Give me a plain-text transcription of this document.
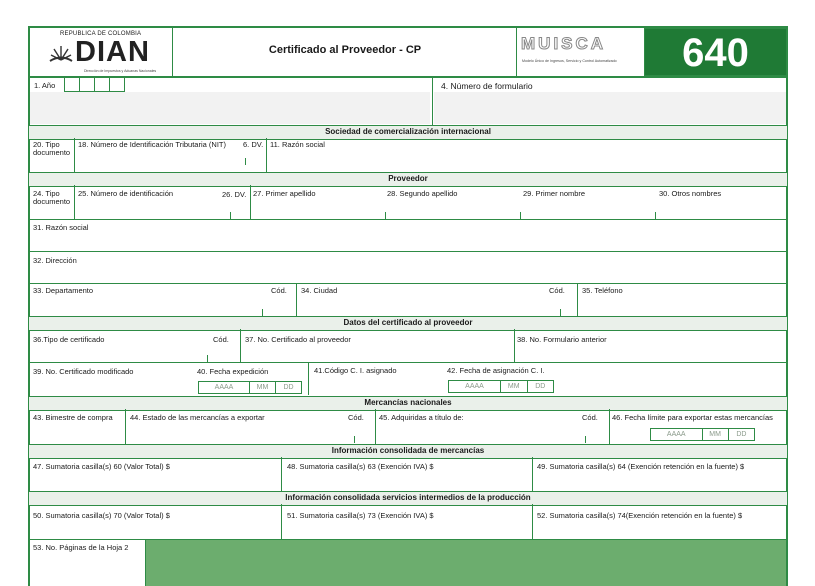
REPUBLICA DE COLOMBIA
DIAN
Dirección de Impuestos y Aduanas Nacionales
Certificado al Proveedor - CP	MUISCA
Modelo Único de Ingresos, Servicio y Control Automatizado	640
1. Año	4. Número de formulario
Sociedad de comercialización internacional
20. Tipo documento
18. Número de Identificación Tributaria (NIT) 6. DV. 11. Razón social
Proveedor
24. Tipo documento
25. Número de identificación	26. DV. 27. Primer apellido	28. Segundo apellido	29. Primer nombre	30. Otros nombres
31. Razón social
32. Dirección
33. Departamento	Cód. 34. Ciudad	Cód. 35. Teléfono
Datos del certificado al proveedor
36.Tipo de certificado	Cód. 37. No. Certificado al proveedor	38. No. Formulario anterior
39. No. Certificado modificado	40. Fecha expedición
AAAA	MM	DD
41.Código C. I. asignado	42. Fecha de asignación C. I.
AAAA	MM	DD
Mercancías nacionales
43. Bimestre de compra 44. Estado de las mercancías a exportar	Cód. 45. Adquiridas a título de:	Cód. 46. Fecha límite para exportar estas mercancías
AAAA	MM	DD
Información consolidada de mercancías
47. Sumatoria casilla(s) 60 (Valor Total) $	48. Sumatoria casilla(s) 63 (Exención IVA) $	49. Sumatoria casilla(s) 64 (Exención retención en la fuente) $
Información consolidada servicios intermedios de la producción
50. Sumatoria casilla(s) 70 (Valor Total) $	51. Sumatoria casilla(s) 73 (Exención IVA) $	52. Sumatoria casilla(s) 74(Exención retención en la fuente) $
53. No. Páginas de la Hoja 2
